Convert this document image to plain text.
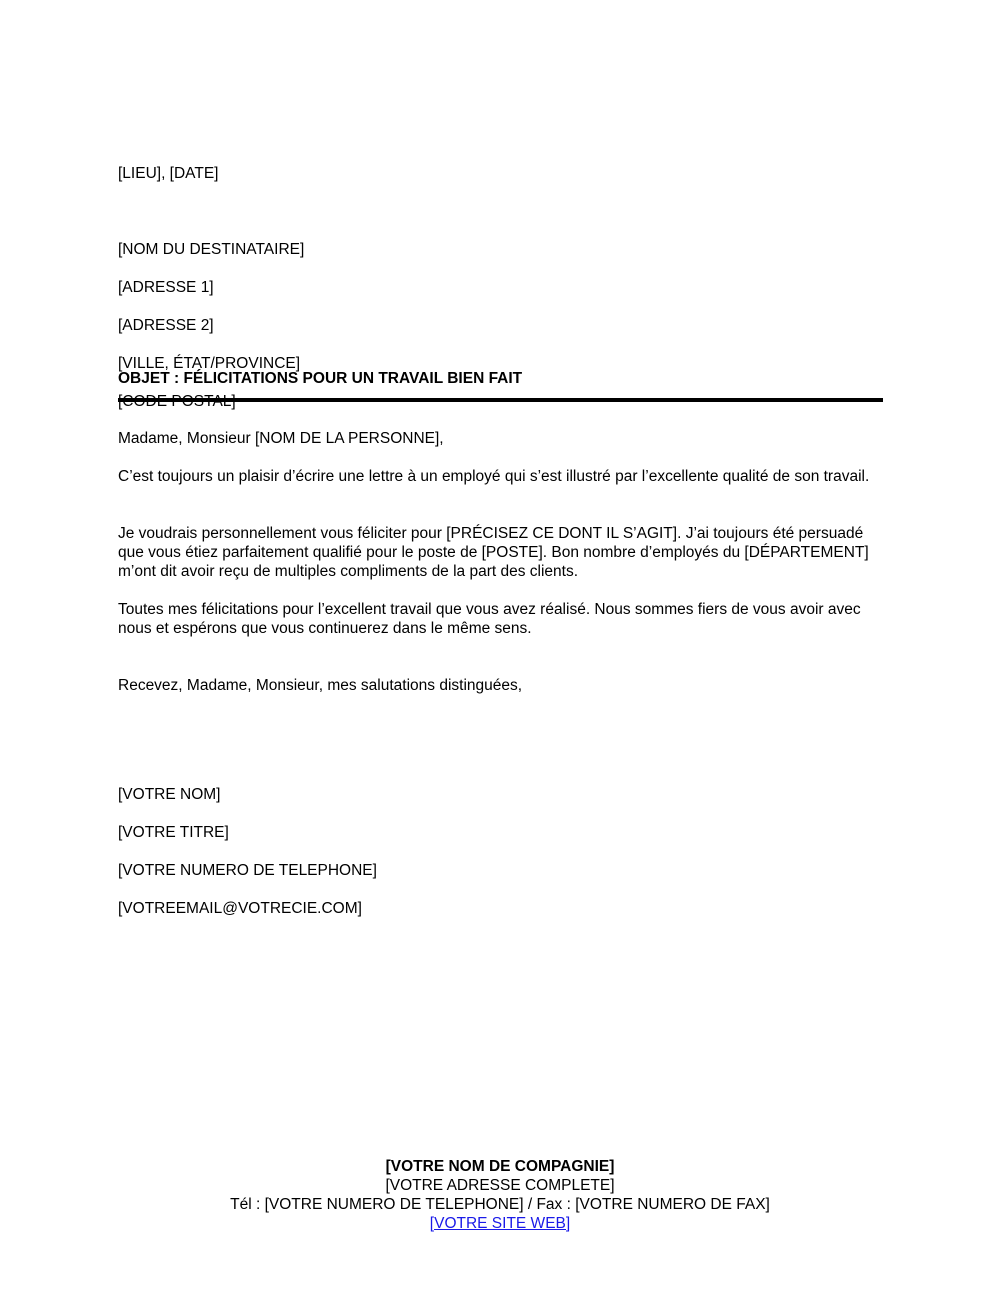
[LIEU], [DATE]

[NOM DU DESTINATAIRE]

[ADRESSE 1]

[ADRESSE 2]

[VILLE, ÉTAT/PROVINCE]

[CODE POSTAL]

OBJET : FÉLICITATIONS POUR UN TRAVAIL BIEN FAIT
Madame, Monsieur [NOM DE LA PERSONNE],
C’est toujours un plaisir d’écrire une lettre à un employé qui s’est illustré par l’excellente qualité de son travail.
Je voudrais personnellement vous féliciter pour [PRÉCISEZ CE DONT IL S’AGIT]. J’ai toujours été persuadé que vous étiez parfaitement qualifié pour le poste de [POSTE]. Bon nombre d’employés du [DÉPARTEMENT] m’ont dit avoir reçu de multiples compliments de la part des clients.
Toutes mes félicitations pour l’excellent travail que vous avez réalisé. Nous sommes fiers de vous avoir avec nous et espérons que vous continuerez dans le même sens.
Recevez, Madame, Monsieur, mes salutations distinguées,

[VOTRE NOM]

[VOTRE TITRE]

[VOTRE NUMERO DE TELEPHONE]

[VOTREEMAIL@VOTRECIE.COM]

[VOTRE NOM DE COMPAGNIE]
[VOTRE ADRESSE COMPLETE]
Tél : [VOTRE NUMERO DE TELEPHONE] / Fax : [VOTRE NUMERO DE FAX]
[VOTRE SITE WEB]
